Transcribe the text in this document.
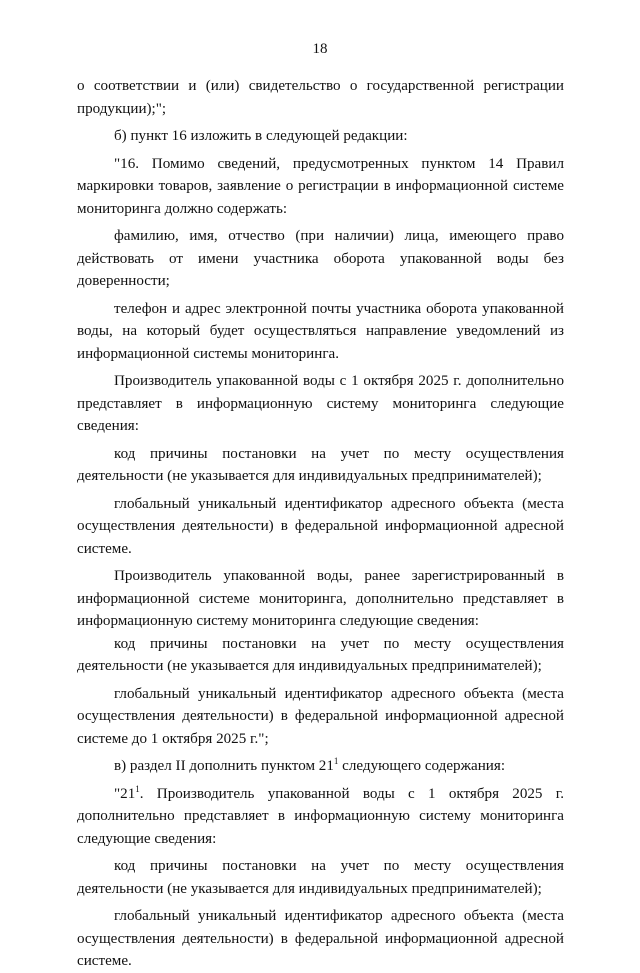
18

о соответствии и (или) свидетельство о государственной регистрации продукции);";

б) пункт 16 изложить в следующей редакции:

"16. Помимо сведений, предусмотренных пунктом 14 Правил маркировки товаров, заявление о регистрации в информационной системе мониторинга должно содержать:

фамилию, имя, отчество (при наличии) лица, имеющего право действовать от имени участника оборота упакованной воды без доверенности;

телефон и адрес электронной почты участника оборота упакованной воды, на который будет осуществляться направление уведомлений из информационной системы мониторинга.

Производитель упакованной воды с 1 октября 2025 г. дополнительно представляет в информационную систему мониторинга следующие сведения:

код причины постановки на учет по месту осуществления деятельности (не указывается для индивидуальных предпринимателей);

глобальный уникальный идентификатор адресного объекта (места осуществления деятельности) в федеральной информационной адресной системе.

Производитель упакованной воды, ранее зарегистрированный в информационной системе мониторинга, дополнительно представляет в информационную систему мониторинга следующие сведения:

код причины постановки на учет по месту осуществления деятельности (не указывается для индивидуальных предпринимателей);

глобальный уникальный идентификатор адресного объекта (места осуществления деятельности) в федеральной информационной адресной системе до 1 октября 2025 г.";

в) раздел II дополнить пунктом $21^1$ следующего содержания:

"$21^1$. Производитель упакованной воды с 1 октября 2025 г. дополнительно представляет в информационную систему мониторинга следующие сведения:

код причины постановки на учет по месту осуществления деятельности (не указывается для индивидуальных предпринимателей);

глобальный уникальный идентификатор адресного объекта (места осуществления деятельности) в федеральной информационной адресной системе.
